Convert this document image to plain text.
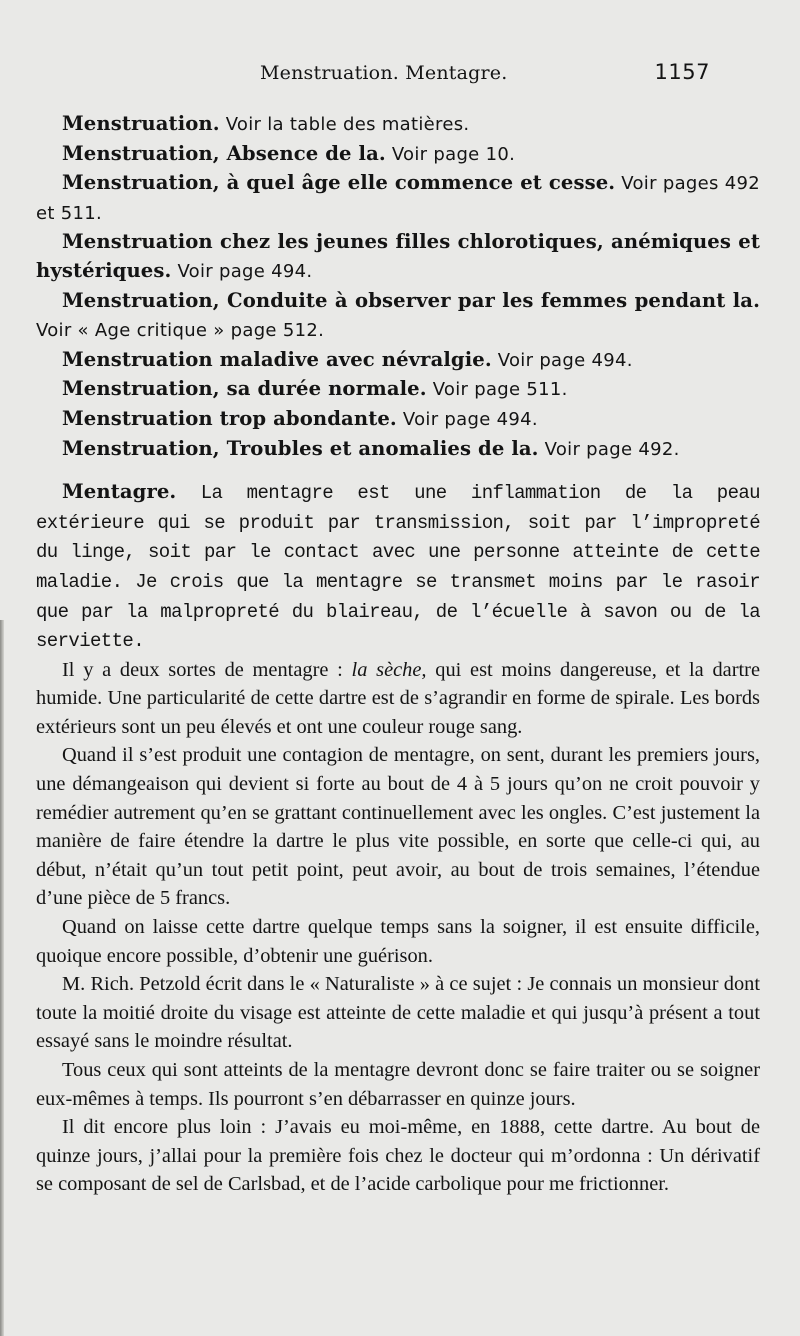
Menstruation. Mentagre.	1157

Menstruation. Voir la table des matières.

Menstruation, Absence de la. Voir page 10.

Menstruation, à quel âge elle commence et cesse. Voir pages 492 et 511.

Menstruation chez les jeunes filles chlorotiques, anémiques et hystériques. Voir page 494.

Menstruation, Conduite à observer par les femmes pendant la. Voir « Age critique » page 512.

Menstruation maladive avec névralgie. Voir page 494.

Menstruation, sa durée normale. Voir page 511.

Menstruation trop abondante. Voir page 494.

Menstruation, Troubles et anomalies de la. Voir page 492.

Mentagre. La mentagre est une inflammation de la peau extérieure qui se produit par transmission, soit par l’impropreté du linge, soit par le contact avec une personne atteinte de cette maladie. Je crois que la mentagre se transmet moins par le rasoir que par la malpropreté du blaireau, de l’écuelle à savon ou de la serviette.

Il y a deux sortes de mentagre : la sèche, qui est moins dangereuse, et la dartre humide. Une particularité de cette dartre est de s’agrandir en forme de spirale. Les bords extérieurs sont un peu élevés et ont une couleur rouge sang.

Quand il s’est produit une contagion de mentagre, on sent, durant les premiers jours, une démangeaison qui devient si forte au bout de 4 à 5 jours qu’on ne croit pouvoir y remédier autrement qu’en se grattant continuellement avec les ongles. C’est justement la manière de faire étendre la dartre le plus vite possible, en sorte que celle-ci qui, au début, n’était qu’un tout petit point, peut avoir, au bout de trois semaines, l’étendue d’une pièce de 5 francs.

Quand on laisse cette dartre quelque temps sans la soigner, il est ensuite difficile, quoique encore possible, d’obtenir une guérison.

M. Rich. Petzold écrit dans le « Naturaliste » à ce sujet : Je connais un monsieur dont toute la moitié droite du visage est atteinte de cette maladie et qui jusqu’à présent a tout essayé sans le moindre résultat.

Tous ceux qui sont atteints de la mentagre devront donc se faire traiter ou se soigner eux-mêmes à temps. Ils pourront s’en débarrasser en quinze jours.

Il dit encore plus loin : J’avais eu moi-même, en 1888, cette dartre. Au bout de quinze jours, j’allai pour la première fois chez le docteur qui m’ordonna : Un dérivatif se composant de sel de Carlsbad, et de l’acide carbolique pour me frictionner.
